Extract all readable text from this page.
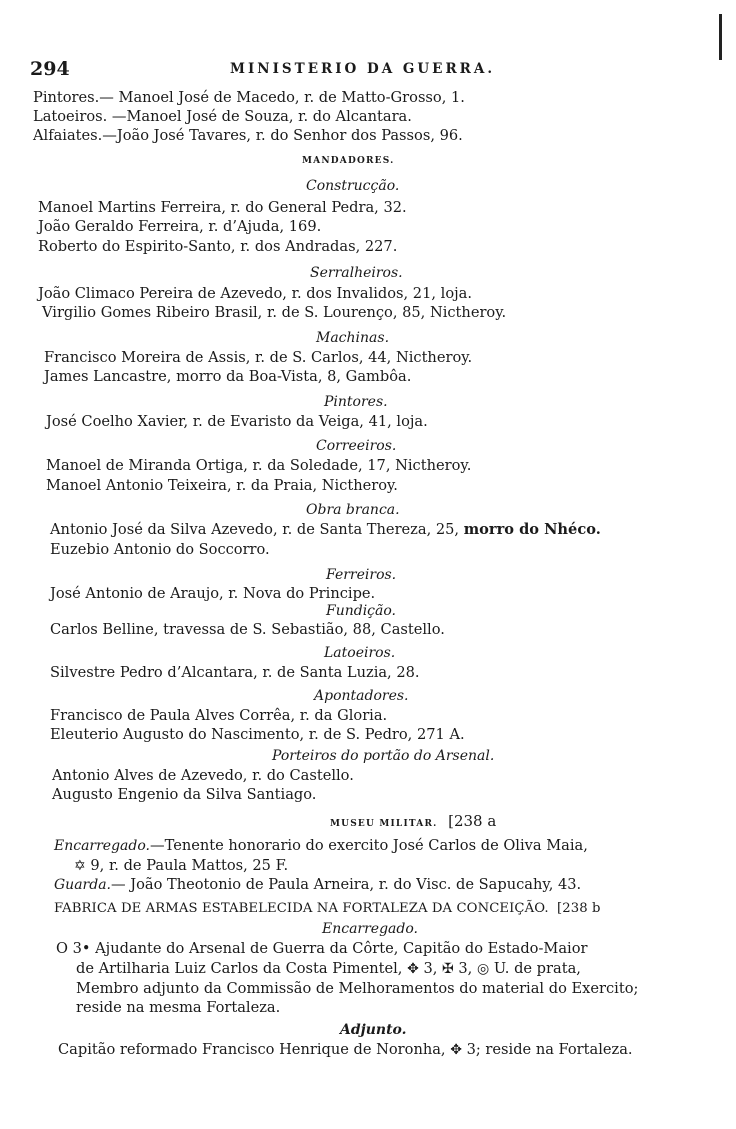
294	MINISTERIO DA GUERRA.
Pintores.— Manoel José de Macedo, r. de Matto-Grosso, 1.
Latoeiros. —Manoel José de Souza, r. do Alcantara.
Alfaiates.—João José Tavares, r. do Senhor dos Passos, 96.
MANDADORES.
Construcção.
Manoel Martins Ferreira, r. do General Pedra, 32.
João Geraldo Ferreira, r. d’Ajuda, 169.
Roberto do Espirito-Santo, r. dos Andradas, 227.
Serralheiros.
João Climaco Pereira de Azevedo, r. dos Invalidos, 21, loja.
Virgilio Gomes Ribeiro Brasil, r. de S. Lourenço, 85, Nictheroy.
Machinas.
Francisco Moreira de Assis, r. de S. Carlos, 44, Nictheroy.
James Lancastre, morro da Boa-Vista, 8, Gambôa.
Pintores.
José Coelho Xavier, r. de Evaristo da Veiga, 41, loja.
Correeiros.
Manoel de Miranda Ortiga, r. da Soledade, 17, Nictheroy.
Manoel Antonio Teixeira, r. da Praia, Nictheroy.
Obra branca.
Antonio José da Silva Azevedo, r. de Santa Thereza, 25, morro do Nhéco.
Euzebio Antonio do Soccorro.
Ferreiros.
José Antonio de Araujo, r. Nova do Principe.
Fundição.
Carlos Belline, travessa de S. Sebastião, 88, Castello.
Latoeiros.
Silvestre Pedro d’Alcantara, r. de Santa Luzia, 28.
Apontadores.
Francisco de Paula Alves Corrêa, r. da Gloria.
Eleuterio Augusto do Nascimento, r. de S. Pedro, 271 A.
Porteiros do portão do Arsenal.
Antonio Alves de Azevedo, r. do Castello.
Augusto Engenio da Silva Santiago.
MUSEU MILITAR. [238 a
Encarregado.—Tenente honorario do exercito José Carlos de Oliva Maia,
✡ 9, r. de Paula Mattos, 25 F.
Guarda.— João Theotonio de Paula Arneira, r. do Visc. de Sapucahy, 43.
FABRICA DE ARMAS ESTABELECIDA NA FORTALEZA DA CONCEIÇÃO. [238 b
Encarregado.
O 3• Ajudante do Arsenal de Guerra da Côrte, Capitão do Estado-Maior
de Artilharia Luiz Carlos da Costa Pimentel, ✥ 3, ✠ 3, ◎ U. de prata,
Membro adjunto da Commissão de Melhoramentos do material do Exercito;
reside na mesma Fortaleza.
Adjunto.
Capitão reformado Francisco Henrique de Noronha, ✥ 3; reside na Fortaleza.
